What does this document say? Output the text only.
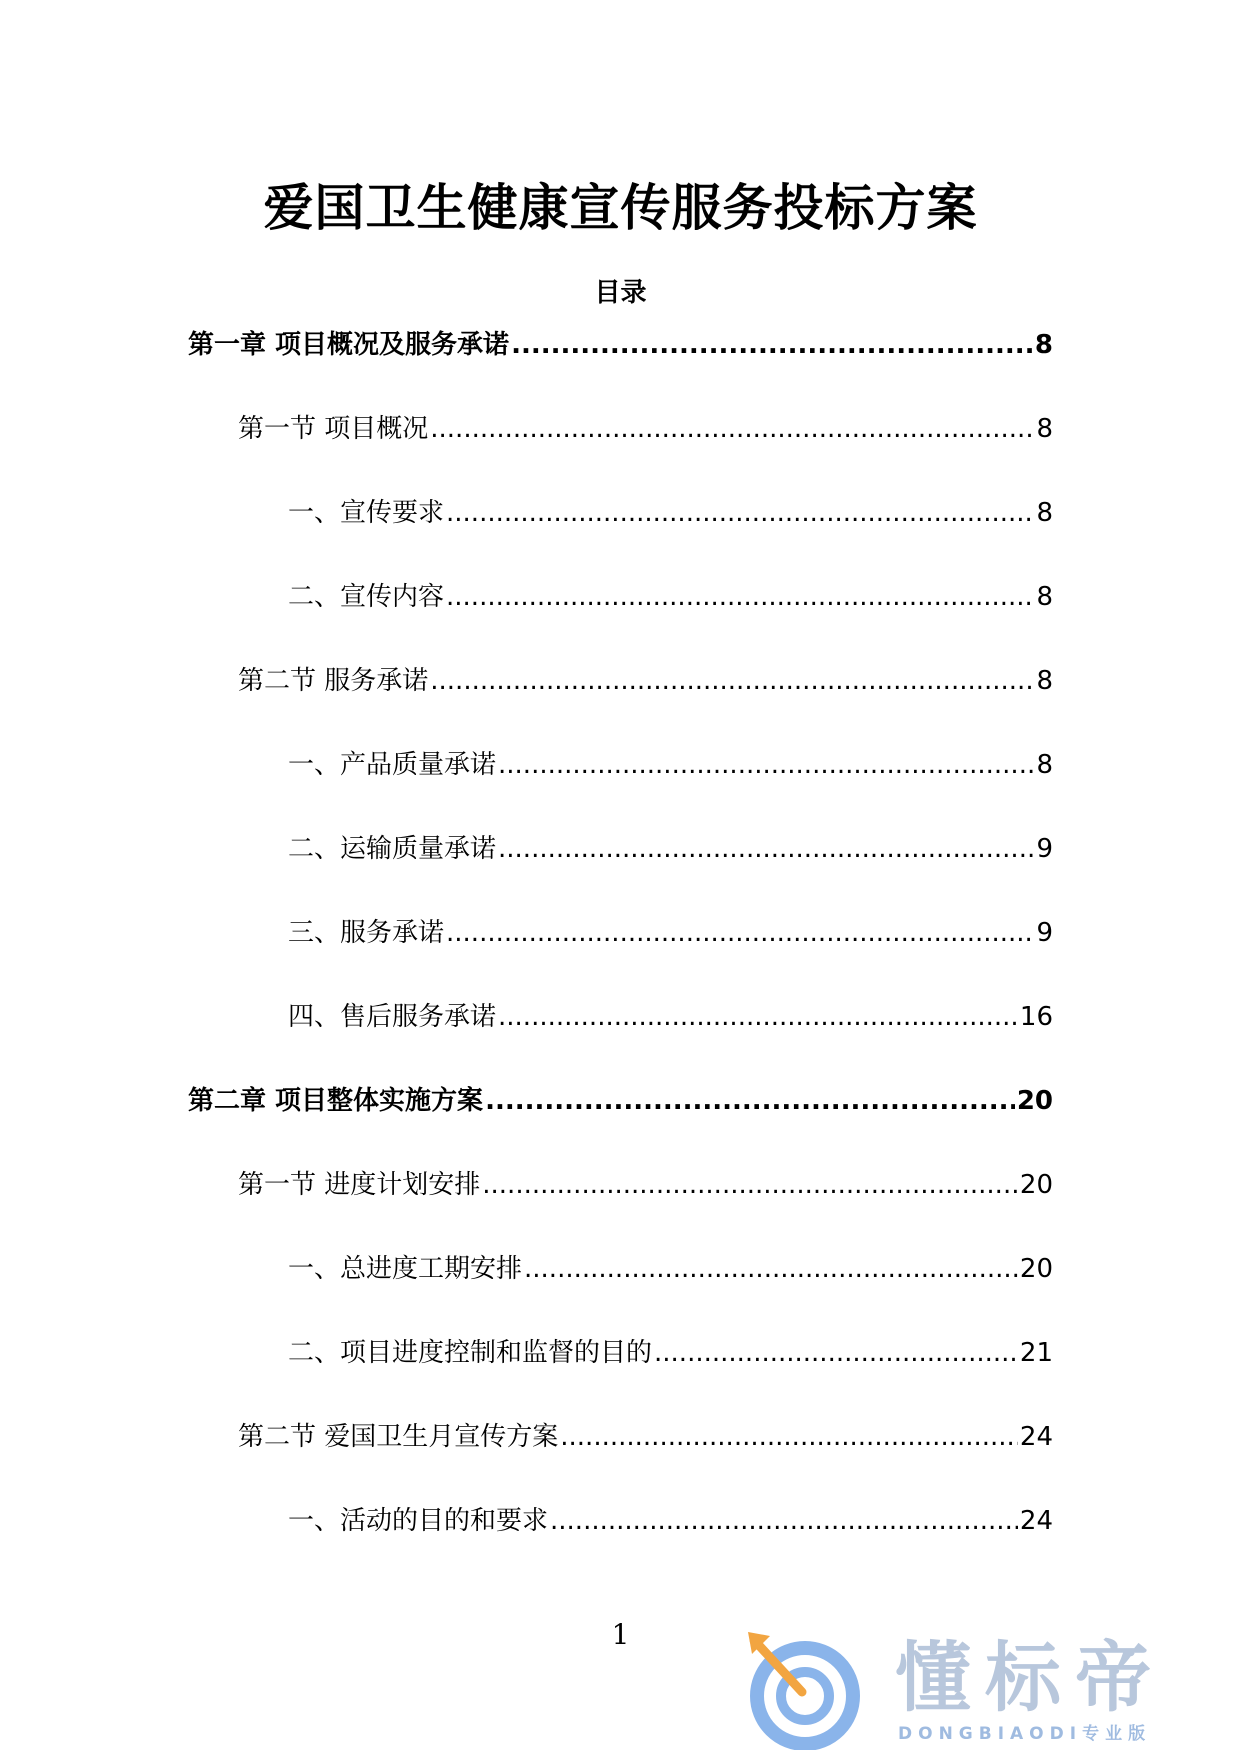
爱国卫生健康宣传服务投标方案
目录
第一章 项目概况及服务承诺 .....	8
第一节 项目概况 .....	8
一、宣传要求 .....	8
二、宣传内容 .....	8
第二节 服务承诺 .....	8
一、产品质量承诺 .....	8
二、运输质量承诺 .....	9
三、服务承诺 .....	9
四、售后服务承诺 .....	16
第二章 项目整体实施方案 .....	20
第一节 进度计划安排 .....	20
一、总进度工期安排 .....	20
二、项目进度控制和监督的目的 .....	21
第二节 爱国卫生月宣传方案 .....	24
一、活动的目的和要求 .....	24
1	懂标帝
DONGBIAODI专业版
